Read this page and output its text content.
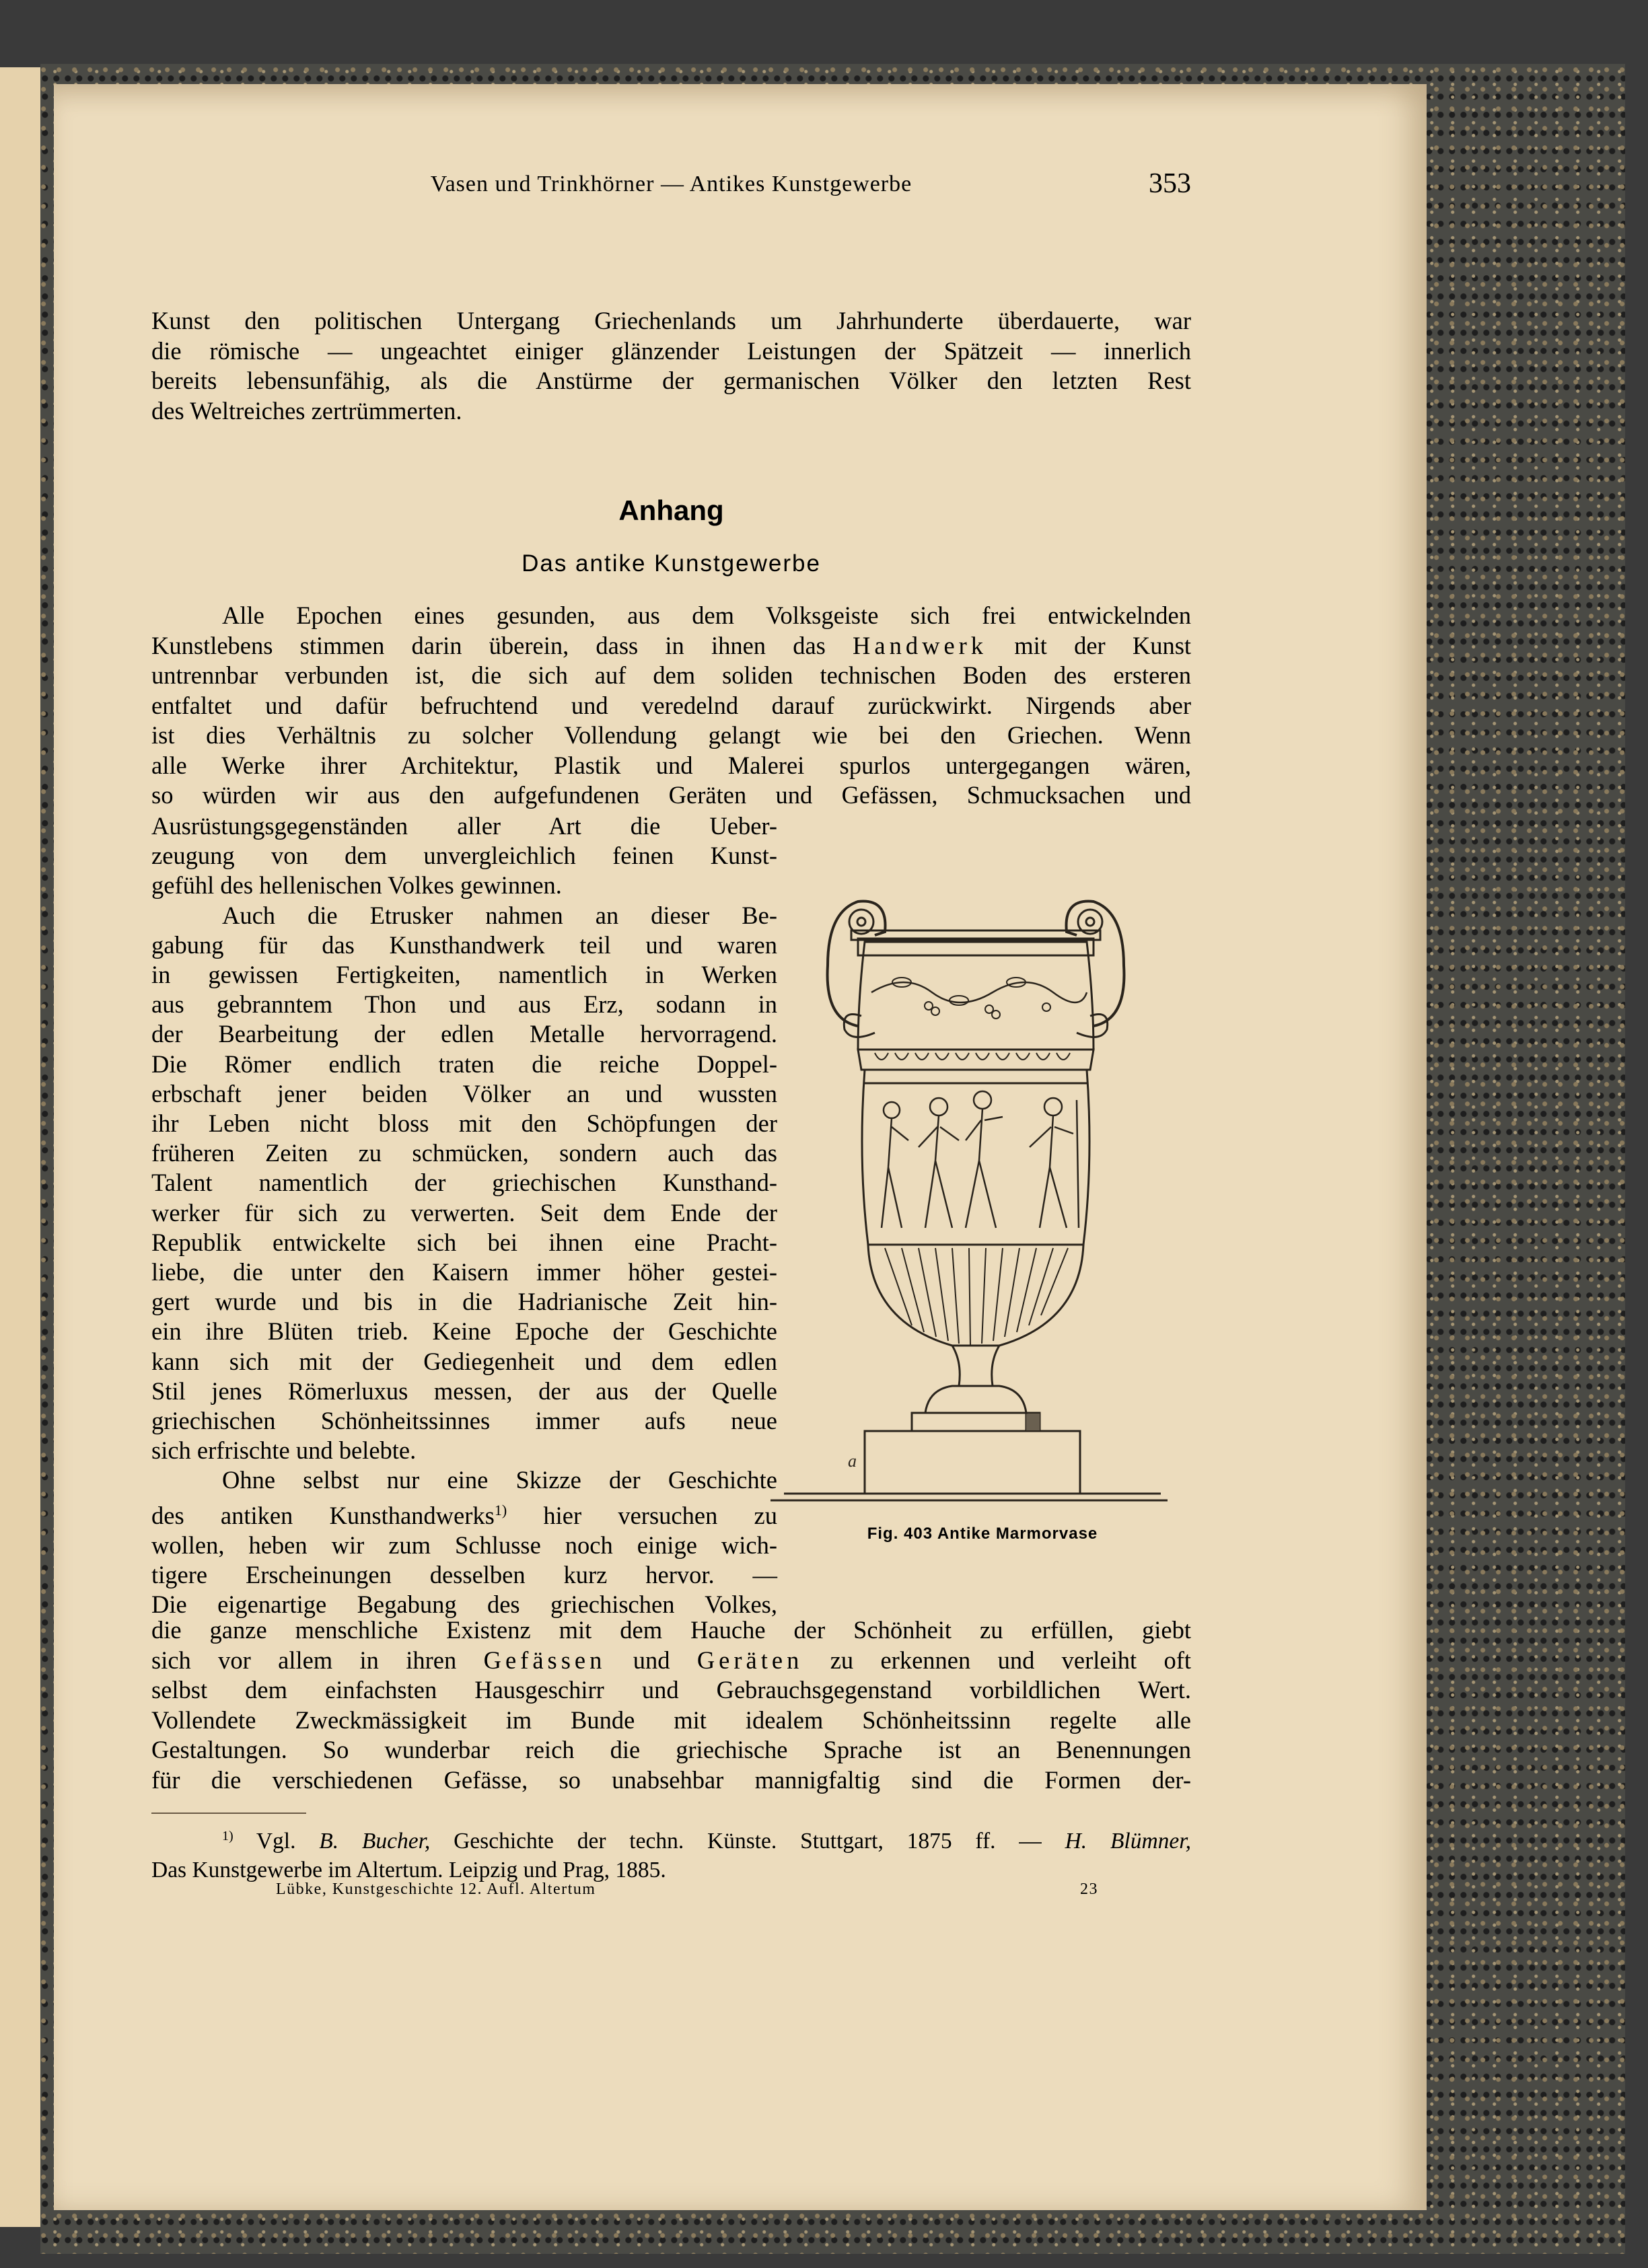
Vasen und Trinkhörner — Antikes Kunstgewerbe	353
Kunst den politischen Untergang Griechenlands um Jahrhunderte überdauerte, war
die römische — ungeachtet einiger glänzender Leistungen der Spätzeit — innerlich
bereits lebensunfähig, als die Anstürme der germanischen Völker den letzten Rest
des Weltreiches zertrümmerten.
Anhang
Das antike Kunstgewerbe
Alle Epochen eines gesunden, aus dem Volksgeiste sich frei entwickelnden
Kunstlebens stimmen darin überein, dass in ihnen das Handwerk mit der Kunst
untrennbar verbunden ist, die sich auf dem soliden technischen Boden des ersteren
entfaltet und dafür befruchtend und veredelnd darauf zurückwirkt. Nirgends aber
ist dies Verhältnis zu solcher Vollendung gelangt wie bei den Griechen. Wenn
alle Werke ihrer Architektur, Plastik und Malerei spurlos untergegangen wären,
so würden wir aus den aufgefundenen Geräten und Gefässen, Schmucksachen und
Ausrüstungsgegenständen aller Art die Ueber-
zeugung von dem unvergleichlich feinen Kunst-
gefühl des hellenischen Volkes gewinnen.
Auch die Etrusker nahmen an dieser Be-
gabung für das Kunsthandwerk teil und waren
in gewissen Fertigkeiten, namentlich in Werken
aus gebranntem Thon und aus Erz, sodann in
der Bearbeitung der edlen Metalle hervorragend.
Die Römer endlich traten die reiche Doppel-
erbschaft jener beiden Völker an und wussten
ihr Leben nicht bloss mit den Schöpfungen der
früheren Zeiten zu schmücken, sondern auch das
Talent namentlich der griechischen Kunsthand-
werker für sich zu verwerten. Seit dem Ende der
Republik entwickelte sich bei ihnen eine Pracht-
liebe, die unter den Kaisern immer höher gestei-
gert wurde und bis in die Hadrianische Zeit hin-
ein ihre Blüten trieb. Keine Epoche der Geschichte
kann sich mit der Gediegenheit und dem edlen
Stil jenes Römerluxus messen, der aus der Quelle
griechischen Schönheitssinnes immer aufs neue
sich erfrischte und belebte.
Ohne selbst nur eine Skizze der Geschichte
des antiken Kunsthandwerks$^{1)}$ hier versuchen zu
wollen, heben wir zum Schlusse noch einige wich-
tigere Erscheinungen desselben kurz hervor. —
Die eigenartige Begabung des griechischen Volkes,
die ganze menschliche Existenz mit dem Hauche der Schönheit zu erfüllen, giebt
sich vor allem in ihren Gefässen und Geräten zu erkennen und verleiht oft
selbst dem einfachsten Hausgeschirr und Gebrauchsgegenstand vorbildlichen Wert.
Vollendete Zweckmässigkeit im Bunde mit idealem Schönheitssinn regelte alle
Gestaltungen. So wunderbar reich die griechische Sprache ist an Benennungen
für die verschiedenen Gefässe, so unabsehbar mannigfaltig sind die Formen der-
a
Fig. 403 Antike Marmorvase
$^{1)}$ Vgl. B. Bucher, Geschichte der techn. Künste. Stuttgart, 1875 ff. — H. Blümner,
Das Kunstgewerbe im Altertum. Leipzig und Prag, 1885.
Lübke, Kunstgeschichte 12. Aufl. Altertum	23
